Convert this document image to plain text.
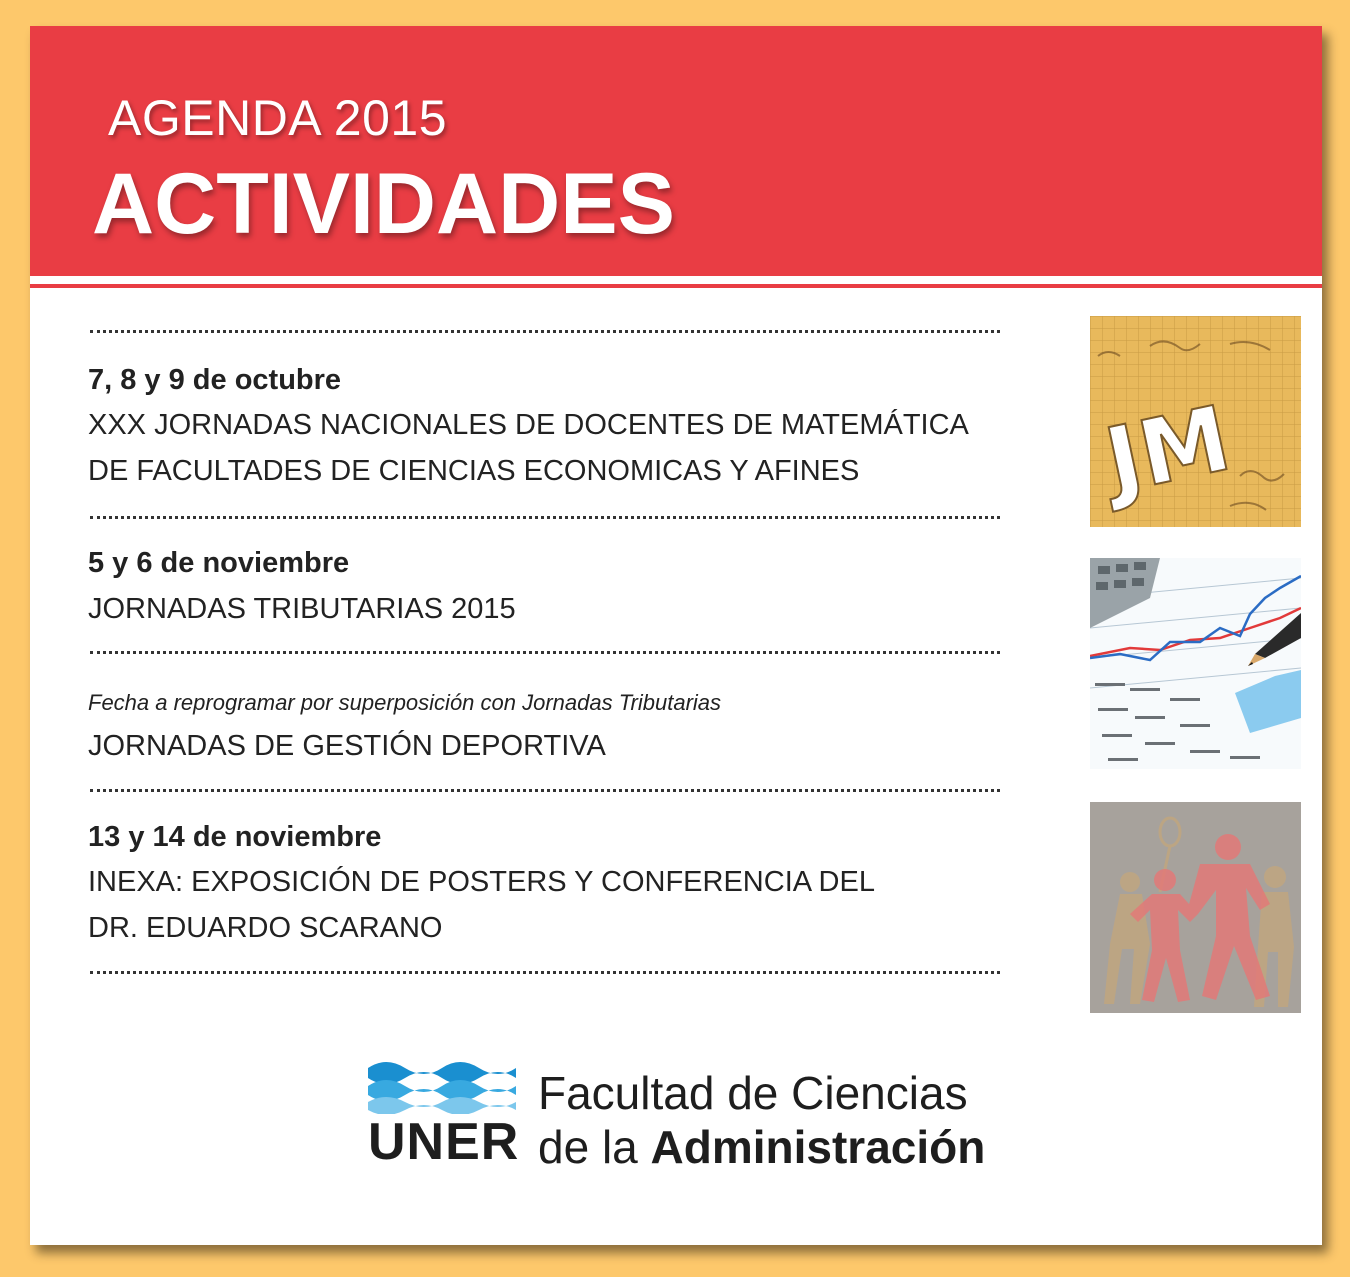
AGENDA 2015
ACTIVIDADES
7, 8 y 9 de octubre
XXX JORNADAS NACIONALES DE DOCENTES DE MATEMÁTICA
DE FACULTADES DE CIENCIAS ECONOMICAS Y AFINES
5 y 6 de noviembre
JORNADAS TRIBUTARIAS 2015
Fecha a reprogramar por superposición con Jornadas Tributarias
JORNADAS DE GESTIÓN DEPORTIVA
13 y 14 de noviembre
INEXA: EXPOSICIÓN DE POSTERS Y CONFERENCIA DEL
DR. EDUARDO SCARANO
JM
UNER
Facultad de Ciencias
de la Administración
